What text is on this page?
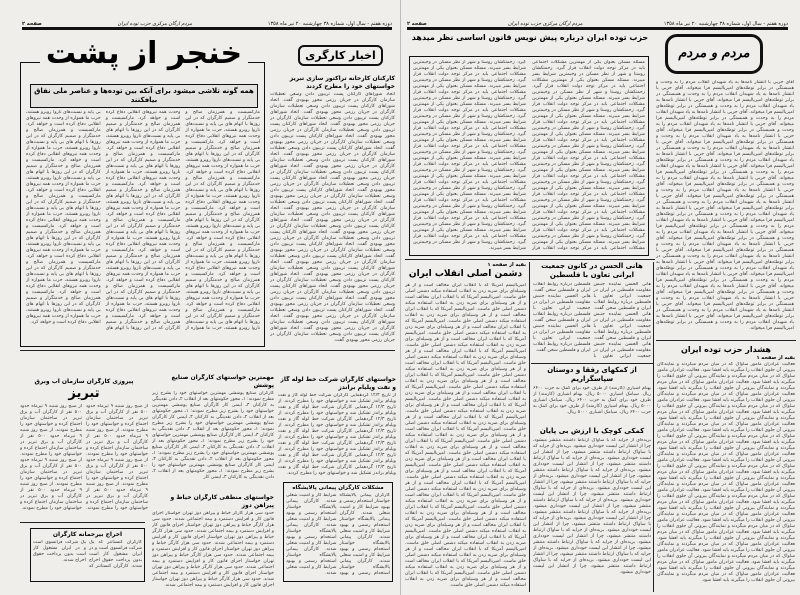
دوره هفتم - سال اول، شماره ۳۸ چهارشنبه ۲۰ تیر ماه ۱۳۵۸
مردم ارگان مرکزی حزب توده ایران
صفحه ۲
خنجر از پشت
همه گونه تلاشی میشود برای آنکه بین توده‌ها و عناصر ملی نفاق بیافکنند
مارکسیست و همرزمان صالح و خدمتگزار و صمیم کارگران که در این روزها با اتهام های بی پایه و نسبت‌های ناروا روبرو هستند، حزب ما همواره از وحدت همه نیروهای انقلابی دفاع کرده است و خواهد کرد. مارکسیست و همرزمان صالح و خدمتگزار و صمیم کارگران که در این روزها با اتهام های بی پایه و نسبت‌های ناروا روبرو هستند، حزب ما همواره از وحدت همه نیروهای انقلابی دفاع کرده است و خواهد کرد. مارکسیست و همرزمان صالح و خدمتگزار و صمیم کارگران که در این روزها با اتهام های بی پایه و نسبت‌های ناروا روبرو هستند، حزب ما همواره از وحدت همه نیروهای انقلابی دفاع کرده است و خواهد کرد. مارکسیست و همرزمان صالح و خدمتگزار و صمیم کارگران که در این روزها با اتهام های بی پایه و نسبت‌های ناروا روبرو هستند، حزب ما همواره از وحدت همه نیروهای انقلابی دفاع کرده است و خواهد کرد. مارکسیست و همرزمان صالح و خدمتگزار و صمیم کارگران که در این روزها با اتهام های بی پایه و نسبت‌های ناروا روبرو هستند، حزب ما همواره از وحدت همه نیروهای انقلابی دفاع کرده است و خواهد کرد. مارکسیست و همرزمان صالح و خدمتگزار و صمیم کارگران که در این روزها با اتهام های بی پایه و نسبت‌های ناروا روبرو هستند، حزب ما همواره از وحدت همه نیروهای انقلابی دفاع کرده است و خواهد کرد. مارکسیست و همرزمان صالح و خدمتگزار و صمیم کارگران که در این روزها با اتهام های بی پایه و نسبت‌های ناروا روبرو هستند، حزب ما همواره از وحدت همه نیروهای انقلابی دفاع کرده است و خواهد کرد. مارکسیست و همرزمان صالح و خدمتگزار و صمیم کارگران که در این روزها با اتهام های بی پایه و نسبت‌های ناروا روبرو هستند، حزب ما همواره از وحدت همه نیروهای انقلابی دفاع کرده است و خواهد کرد. مارکسیست و همرزمان صالح و خدمتگزار و صمیم کارگران که در این روزها با اتهام های بی پایه و نسبت‌های ناروا روبرو هستند، حزب ما همواره از وحدت همه نیروهای انقلابی دفاع کرده است و خواهد کرد. مارکسیست و همرزمان صالح و خدمتگزار و صمیم کارگران که در این روزها با اتهام های بی پایه و نسبت‌های ناروا روبرو هستند، حزب ما همواره از وحدت همه نیروهای انقلابی دفاع کرده است و خواهد کرد. مارکسیست و همرزمان صالح و خدمتگزار و صمیم کارگران که در این روزها با اتهام های بی پایه و نسبت‌های ناروا روبرو هستند، حزب ما همواره از وحدت همه نیروهای انقلابی دفاع کرده است و خواهد کرد. مارکسیست و همرزمان صالح و خدمتگزار و صمیم کارگران که در این روزها با اتهام های بی پایه و نسبت‌های ناروا روبرو هستند، حزب ما همواره از وحدت همه نیروهای انقلابی دفاع کرده است و خواهد کرد. مارکسیست و همرزمان صالح و خدمتگزار و صمیم کارگران که در این روزها با اتهام های بی پایه و نسبت‌های ناروا روبرو هستند، حزب ما همواره از وحدت همه نیروهای انقلابی دفاع کرده است و خواهد کرد. مارکسیست و همرزمان صالح و خدمتگزار و صمیم کارگران که در این روزها با اتهام های بی پایه و نسبت‌های ناروا روبرو هستند، حزب ما همواره از وحدت همه نیروهای انقلابی دفاع کرده است و خواهد کرد. مارکسیست و همرزمان صالح و خدمتگزار و صمیم کارگران که در این روزها با اتهام های بی پایه و نسبت‌های ناروا روبرو هستند، حزب ما همواره از وحدت همه نیروهای انقلابی دفاع کرده است و خواهد کرد. مارکسیست و همرزمان صالح و خدمتگزار و صمیم کارگران که در این روزها با اتهام های بی پایه و نسبت‌های ناروا روبرو هستند، حزب ما همواره از وحدت همه نیروهای انقلابی دفاع کرده است و خواهد کرد. مارکسیست و همرزمان صالح و خدمتگزار و صمیم کارگران که در این روزها با اتهام های بی پایه و نسبت‌های ناروا روبرو هستند، حزب ما همواره از وحدت همه نیروهای انقلابی دفاع کرده است و خواهد کرد. مارکسیست و همرزمان صالح و خدمتگزار و صمیم کارگران که در این روزها با اتهام های بی پایه و نسبت‌های ناروا روبرو هستند، حزب ما همواره از وحدت همه نیروهای انقلابی دفاع کرده است و خواهد کرد. مارکسیست و همرزمان صالح و خدمتگزار و صمیم کارگران که در این روزها با اتهام های بی پایه و نسبت‌های ناروا روبرو هستند، حزب ما همواره از وحدت همه نیروهای انقلابی دفاع کرده است و خواهد کرد. مارکسیست و همرزمان صالح و خدمتگزار و صمیم کارگران که در این روزها با اتهام های بی پایه و نسبت‌های ناروا روبرو هستند، حزب ما همواره از وحدت همه نیروهای انقلابی دفاع کرده است و خواهد کرد.
اخبار کارگری
کارکنان کارخانه تراکتور سازی تبریز خواستهای خود را مطرح کردند
اتحاد شوراهای کارکنان پست تریبون دادن وسعی تعطیلات سازمان کارگران در جریان رزمی محور بهبودی گفت. اتحاد شوراهای کارکنان پست تریبون دادن وسعی تعطیلات سازمان کارگران در جریان رزمی محور بهبودی گفت. اتحاد شوراهای کارکنان پست تریبون دادن وسعی تعطیلات سازمان کارگران در جریان رزمی محور بهبودی گفت. اتحاد شوراهای کارکنان پست تریبون دادن وسعی تعطیلات سازمان کارگران در جریان رزمی محور بهبودی گفت. اتحاد شوراهای کارکنان پست تریبون دادن وسعی تعطیلات سازمان کارگران در جریان رزمی محور بهبودی گفت. اتحاد شوراهای کارکنان پست تریبون دادن وسعی تعطیلات سازمان کارگران در جریان رزمی محور بهبودی گفت. اتحاد شوراهای کارکنان پست تریبون دادن وسعی تعطیلات سازمان کارگران در جریان رزمی محور بهبودی گفت. اتحاد شوراهای کارکنان پست تریبون دادن وسعی تعطیلات سازمان کارگران در جریان رزمی محور بهبودی گفت. اتحاد شوراهای کارکنان پست تریبون دادن وسعی تعطیلات سازمان کارگران در جریان رزمی محور بهبودی گفت. اتحاد شوراهای کارکنان پست تریبون دادن وسعی تعطیلات سازمان کارگران در جریان رزمی محور بهبودی گفت. اتحاد شوراهای کارکنان پست تریبون دادن وسعی تعطیلات سازمان کارگران در جریان رزمی محور بهبودی گفت. اتحاد شوراهای کارکنان پست تریبون دادن وسعی تعطیلات سازمان کارگران در جریان رزمی محور بهبودی گفت. اتحاد شوراهای کارکنان پست تریبون دادن وسعی تعطیلات سازمان کارگران در جریان رزمی محور بهبودی گفت. اتحاد شوراهای کارکنان پست تریبون دادن وسعی تعطیلات سازمان کارگران در جریان رزمی محور بهبودی گفت. اتحاد شوراهای کارکنان پست تریبون دادن وسعی تعطیلات سازمان کارگران در جریان رزمی محور بهبودی گفت. اتحاد شوراهای کارکنان پست تریبون دادن وسعی تعطیلات سازمان کارگران در جریان رزمی محور بهبودی گفت. اتحاد شوراهای کارکنان پست تریبون دادن وسعی تعطیلات سازمان کارگران در جریان رزمی محور بهبودی گفت. اتحاد شوراهای کارکنان پست تریبون دادن وسعی تعطیلات سازمان کارگران در جریان رزمی محور بهبودی گفت. اتحاد شوراهای کارکنان پست تریبون دادن وسعی تعطیلات سازمان کارگران در جریان رزمی محور بهبودی گفت. اتحاد شوراهای کارکنان پست تریبون دادن وسعی تعطیلات سازمان کارگران در جریان رزمی محور بهبودی گفت. اتحاد شوراهای کارکنان پست تریبون دادن وسعی تعطیلات سازمان کارگران در جریان رزمی محور بهبودی گفت. اتحاد شوراهای کارکنان پست تریبون دادن وسعی تعطیلات سازمان کارگران در جریان رزمی محور بهبودی گفت. اتحاد شوراهای کارکنان پست تریبون دادن وسعی تعطیلات سازمان کارگران در جریان رزمی محور بهبودی گفت.
خواستهای کارگران شرکت خط لوله گاز و نفت ویلیام براندز
از تاریخ ۱۲/۳ گردهمایی کارگران شرکت خط لوله گاز و نفت ویلیام براندز تشکیل شد و خواستهای خود را مطرح کردند. از تاریخ ۱۲/۳ گردهمایی کارگران شرکت خط لوله گاز و نفت ویلیام براندز تشکیل شد و خواستهای خود را مطرح کردند. از تاریخ ۱۲/۳ گردهمایی کارگران شرکت خط لوله گاز و نفت ویلیام براندز تشکیل شد و خواستهای خود را مطرح کردند. از تاریخ ۱۲/۳ گردهمایی کارگران شرکت خط لوله گاز و نفت ویلیام براندز تشکیل شد و خواستهای خود را مطرح کردند. از تاریخ ۱۲/۳ گردهمایی کارگران شرکت خط لوله گاز و نفت ویلیام براندز تشکیل شد و خواستهای خود را مطرح کردند. از تاریخ ۱۲/۳ گردهمایی کارگران شرکت خط لوله گاز و نفت ویلیام براندز تشکیل شد و خواستهای خود را مطرح کردند. از تاریخ ۱۲/۳ گردهمایی کارگران شرکت خط لوله گاز و نفت ویلیام براندز تشکیل شد و خواستهای خود را مطرح کردند.
مشکلات کارگران پیمانی پالایشگاه
کارگران پیمانی پالایشگاه خواستار استخدام رسمی و بهبود شرایط کار و امنیت شغلی شدند. کارگران پیمانی پالایشگاه خواستار استخدام رسمی و بهبود شرایط کار و امنیت شغلی شدند. کارگران پیمانی پالایشگاه خواستار استخدام رسمی و بهبود شرایط کار و امنیت شغلی شدند. کارگران پیمانی پالایشگاه خواستار استخدام رسمی و بهبود شرایط کار و امنیت شغلی شدند. کارگران پیمانی پالایشگاه خواستار استخدام رسمی و بهبود شرایط کار و امنیت شغلی شدند. کارگران پیمانی پالایشگاه خواستار استخدام رسمی و بهبود شرایط کار و امنیت شغلی شدند. کارگران پیمانی پالایشگاه خواستار استخدام رسمی و بهبود شرایط کار و امنیت شغلی شدند.
مهمترین خواستهای کارگران صنایع پوشش
کارگران صنایع پوششی مهمترین خواستهای خود را بشرح زیر مطرح نمودند: ۱ـ محور حکومتهای بعد از انقلاب ۲ـ دادن نقدینگی به کارکنان ۳ـ ایمنی کار کارگران صنایع پوششی مهمترین خواستهای خود را بشرح زیر مطرح نمودند: ۱ـ محور حکومتهای بعد از انقلاب ۲ـ دادن نقدینگی به کارکنان ۳ـ ایمنی کار کارگران صنایع پوششی مهمترین خواستهای خود را بشرح زیر مطرح نمودند: ۱ـ محور حکومتهای بعد از انقلاب ۲ـ دادن نقدینگی به کارکنان ۳ـ ایمنی کار کارگران صنایع پوششی مهمترین خواستهای خود را بشرح زیر مطرح نمودند: ۱ـ محور حکومتهای بعد از انقلاب ۲ـ دادن نقدینگی به کارکنان ۳ـ ایمنی کار کارگران صنایع پوششی مهمترین خواستهای خود را بشرح زیر مطرح نمودند: ۱ـ محور حکومتهای بعد از انقلاب ۲ـ دادن نقدینگی به کارکنان ۳ـ ایمنی کار کارگران صنایع پوششی مهمترین خواستهای خود را بشرح زیر مطرح نمودند: ۱ـ محور حکومتهای بعد از انقلاب ۲ـ دادن نقدینگی به کارکنان ۳ـ ایمنی کار
خواستهای منطقی کارگران خیاط و پیراهن دوز
حدود سی هزار کارگر خیاط و پیراهن دوز تهران خواستار اجرای قانون کار و افزایش دستمزد و بیمه اجتماعی شدند. حدود سی هزار کارگر خیاط و پیراهن دوز تهران خواستار اجرای قانون کار و افزایش دستمزد و بیمه اجتماعی شدند. حدود سی هزار کارگر خیاط و پیراهن دوز تهران خواستار اجرای قانون کار و افزایش دستمزد و بیمه اجتماعی شدند. حدود سی هزار کارگر خیاط و پیراهن دوز تهران خواستار اجرای قانون کار و افزایش دستمزد و بیمه اجتماعی شدند. حدود سی هزار کارگر خیاط و پیراهن دوز تهران خواستار اجرای قانون کار و افزایش دستمزد و بیمه اجتماعی شدند. حدود سی هزار کارگر خیاط و پیراهن دوز تهران خواستار اجرای قانون کار و افزایش دستمزد و بیمه اجتماعی شدند. حدود سی هزار کارگر خیاط و پیراهن دوز تهران خواستار اجرای قانون کار و افزایش دستمزد و بیمه اجتماعی شدند.
پیروزی کارگران سازمان آب وبرق
تبریز
از صبح روز شنبه ۹ تیرماه حدود ۵۰۰ نفر از کارگران آب و برق تبریز در ساختمان سازمان اجتماع کرده و خواستهای خود را مطرح نمودند. از صبح روز شنبه ۹ تیرماه حدود ۵۰۰ نفر از کارگران آب و برق تبریز در ساختمان سازمان اجتماع کرده و خواستهای خود را مطرح نمودند. از صبح روز شنبه ۹ تیرماه حدود ۵۰۰ نفر از کارگران آب و برق تبریز در ساختمان سازمان اجتماع کرده و خواستهای خود را مطرح نمودند. از صبح روز شنبه ۹ تیرماه حدود ۵۰۰ نفر از کارگران آب و برق تبریز در ساختمان سازمان اجتماع کرده و خواستهای خود را مطرح نمودند. از صبح روز شنبه ۹ تیرماه حدود ۵۰۰ نفر از کارگران آب و برق تبریز در ساختمان سازمان اجتماع کرده و خواستهای خود را مطرح نمودند. از صبح روز شنبه ۹ تیرماه حدود ۵۰۰ نفر از کارگران آب و برق تبریز در ساختمان سازمان اجتماع کرده و خواستهای خود را مطرح نمودند. از صبح روز شنبه ۹ تیرماه حدود ۵۰۰ نفر از کارگران آب و برق تبریز در ساختمان سازمان اجتماع کرده و خواستهای خود را مطرح نمودند. از صبح روز شنبه ۹ تیرماه حدود ۵۰۰ نفر از کارگران آب و برق تبریز در ساختمان سازمان اجتماع کرده و خواستهای خود را مطرح نمودند.
اخراج بیرحمانه کارگران
کارگران کنستانتر که یک شرکت فرانسوی است و در ایران مشغول کار است بدون پرداخت حقوق اخراج شدند. کارگران کنستانتر که یک شرکت فرانسوی است و در ایران مشغول کار است بدون پرداخت حقوق اخراج شدند.
دوره هفتم - سال اول، شماره ۳۸ چهارشنبه ۲۰ تیر ماه ۱۳۵۸
مردم ارگان مرکزی حزب توده ایران
صفحه ۲
مردم و مردم
آقای حزبی با انتشار نامه‌ها به یاد شهیدان انقلاب مردم را به وحدت و همبستگی در برابر توطئه‌های امپریالیسم فرا میخواند. آقای حزبی با انتشار نامه‌ها به یاد شهیدان انقلاب مردم را به وحدت و همبستگی در برابر توطئه‌های امپریالیسم فرا میخواند. آقای حزبی با انتشار نامه‌ها به یاد شهیدان انقلاب مردم را به وحدت و همبستگی در برابر توطئه‌های امپریالیسم فرا میخواند. آقای حزبی با انتشار نامه‌ها به یاد شهیدان انقلاب مردم را به وحدت و همبستگی در برابر توطئه‌های امپریالیسم فرا میخواند. آقای حزبی با انتشار نامه‌ها به یاد شهیدان انقلاب مردم را به وحدت و همبستگی در برابر توطئه‌های امپریالیسم فرا میخواند. آقای حزبی با انتشار نامه‌ها به یاد شهیدان انقلاب مردم را به وحدت و همبستگی در برابر توطئه‌های امپریالیسم فرا میخواند. آقای حزبی با انتشار نامه‌ها به یاد شهیدان انقلاب مردم را به وحدت و همبستگی در برابر توطئه‌های امپریالیسم فرا میخواند. آقای حزبی با انتشار نامه‌ها به یاد شهیدان انقلاب مردم را به وحدت و همبستگی در برابر توطئه‌های امپریالیسم فرا میخواند. آقای حزبی با انتشار نامه‌ها به یاد شهیدان انقلاب مردم را به وحدت و همبستگی در برابر توطئه‌های امپریالیسم فرا میخواند. آقای حزبی با انتشار نامه‌ها به یاد شهیدان انقلاب مردم را به وحدت و همبستگی در برابر توطئه‌های امپریالیسم فرا میخواند. آقای حزبی با انتشار نامه‌ها به یاد شهیدان انقلاب مردم را به وحدت و همبستگی در برابر توطئه‌های امپریالیسم فرا میخواند. آقای حزبی با انتشار نامه‌ها به یاد شهیدان انقلاب مردم را به وحدت و همبستگی در برابر توطئه‌های امپریالیسم فرا میخواند. آقای حزبی با انتشار نامه‌ها به یاد شهیدان انقلاب مردم را به وحدت و همبستگی در برابر توطئه‌های امپریالیسم فرا میخواند. آقای حزبی با انتشار نامه‌ها به یاد شهیدان انقلاب مردم را به وحدت و همبستگی در برابر توطئه‌های امپریالیسم فرا میخواند. آقای حزبی با انتشار نامه‌ها به یاد شهیدان انقلاب مردم را به وحدت و همبستگی در برابر توطئه‌های امپریالیسم فرا میخواند. آقای حزبی با انتشار نامه‌ها به یاد شهیدان انقلاب مردم را به وحدت و همبستگی در برابر توطئه‌های امپریالیسم فرا میخواند. آقای حزبی با انتشار نامه‌ها به یاد شهیدان انقلاب مردم را به وحدت و همبستگی در برابر توطئه‌های امپریالیسم فرا میخواند. آقای حزبی با انتشار نامه‌ها به یاد شهیدان انقلاب مردم را به وحدت و همبستگی در برابر توطئه‌های امپریالیسم فرا میخواند. آقای حزبی با انتشار نامه‌ها به یاد شهیدان انقلاب مردم را به وحدت و همبستگی در برابر توطئه‌های امپریالیسم فرا میخواند. آقای حزبی با انتشار نامه‌ها به یاد شهیدان انقلاب مردم را به وحدت و همبستگی در برابر توطئه‌های امپریالیسم فرا میخواند. آقای حزبی با انتشار نامه‌ها به یاد شهیدان انقلاب مردم را به وحدت و همبستگی در برابر توطئه‌های امپریالیسم فرا میخواند. آقای حزبی با انتشار نامه‌ها به یاد شهیدان انقلاب مردم را به وحدت و همبستگی در برابر توطئه‌های امپریالیسم فرا میخواند. آقای حزبی با انتشار نامه‌ها به یاد شهیدان انقلاب مردم را به وحدت و همبستگی در برابر توطئه‌های امپریالیسم فرا میخواند.
حزب توده ایران درباره پیش نویس قانون اساسی نظر میدهد
مسئله مسکن بعنوان یکی از مهمترین مشکلات اجتماعی باید در مرکز توجه دولت انقلاب قرار گیرد. زحمتکشان روستا و شهر از نظر مسکن در وخیمترین شرایط بسر میبرند. مسئله مسکن بعنوان یکی از مهمترین مشکلات اجتماعی باید در مرکز توجه دولت انقلاب قرار گیرد. زحمتکشان روستا و شهر از نظر مسکن در وخیمترین شرایط بسر میبرند. مسئله مسکن بعنوان یکی از مهمترین مشکلات اجتماعی باید در مرکز توجه دولت انقلاب قرار گیرد. زحمتکشان روستا و شهر از نظر مسکن در وخیمترین شرایط بسر میبرند. مسئله مسکن بعنوان یکی از مهمترین مشکلات اجتماعی باید در مرکز توجه دولت انقلاب قرار گیرد. زحمتکشان روستا و شهر از نظر مسکن در وخیمترین شرایط بسر میبرند. مسئله مسکن بعنوان یکی از مهمترین مشکلات اجتماعی باید در مرکز توجه دولت انقلاب قرار گیرد. زحمتکشان روستا و شهر از نظر مسکن در وخیمترین شرایط بسر میبرند. مسئله مسکن بعنوان یکی از مهمترین مشکلات اجتماعی باید در مرکز توجه دولت انقلاب قرار گیرد. زحمتکشان روستا و شهر از نظر مسکن در وخیمترین شرایط بسر میبرند. مسئله مسکن بعنوان یکی از مهمترین مشکلات اجتماعی باید در مرکز توجه دولت انقلاب قرار گیرد. زحمتکشان روستا و شهر از نظر مسکن در وخیمترین شرایط بسر میبرند. مسئله مسکن بعنوان یکی از مهمترین مشکلات اجتماعی باید در مرکز توجه دولت انقلاب قرار گیرد. زحمتکشان روستا و شهر از نظر مسکن در وخیمترین شرایط بسر میبرند. مسئله مسکن بعنوان یکی از مهمترین مشکلات اجتماعی باید در مرکز توجه دولت انقلاب قرار گیرد. زحمتکشان روستا و شهر از نظر مسکن در وخیمترین شرایط بسر میبرند. مسئله مسکن بعنوان یکی از مهمترین مشکلات اجتماعی باید در مرکز توجه دولت انقلاب قرار گیرد. زحمتکشان روستا و شهر از نظر مسکن در وخیمترین شرایط بسر میبرند. مسئله مسکن بعنوان یکی از مهمترین مشکلات اجتماعی باید در مرکز توجه دولت انقلاب قرار گیرد. زحمتکشان روستا و شهر از نظر مسکن در وخیمترین شرایط بسر میبرند. مسئله مسکن بعنوان یکی از مهمترین مشکلات اجتماعی باید در مرکز توجه دولت انقلاب قرار گیرد. زحمتکشان روستا و شهر از نظر مسکن در وخیمترین شرایط بسر میبرند. مسئله مسکن بعنوان یکی از مهمترین مشکلات اجتماعی باید در مرکز توجه دولت انقلاب قرار گیرد. زحمتکشان روستا و شهر از نظر مسکن در وخیمترین شرایط بسر میبرند. مسئله مسکن بعنوان یکی از مهمترین مشکلات اجتماعی باید در مرکز توجه دولت انقلاب قرار گیرد. زحمتکشان روستا و شهر از نظر مسکن در وخیمترین شرایط بسر میبرند. مسئله مسکن بعنوان یکی از مهمترین مشکلات اجتماعی باید در مرکز توجه دولت انقلاب قرار گیرد. زحمتکشان روستا و شهر از نظر مسکن در وخیمترین شرایط بسر میبرند. مسئله مسکن بعنوان یکی از مهمترین مشکلات اجتماعی باید در مرکز توجه دولت انقلاب قرار گیرد. زحمتکشان روستا و شهر از نظر مسکن در وخیمترین شرایط بسر میبرند. مسئله مسکن بعنوان یکی از مهمترین مشکلات اجتماعی باید در مرکز توجه دولت انقلاب قرار گیرد. زحمتکشان روستا و شهر از نظر مسکن در وخیمترین شرایط بسر میبرند. مسئله مسکن بعنوان یکی از مهمترین مشکلات اجتماعی باید در مرکز توجه دولت انقلاب قرار گیرد. زحمتکشان روستا و شهر از نظر مسکن در وخیمترین شرایط بسر میبرند. مسئله مسکن بعنوان یکی از مهمترین مشکلات اجتماعی باید در مرکز توجه دولت انقلاب قرار گیرد. زحمتکشان روستا و شهر از نظر مسکن در وخیمترین شرایط بسر میبرند. مسئله مسکن بعنوان یکی از مهمترین مشکلات اجتماعی باید در مرکز توجه دولت انقلاب قرار گیرد. زحمتکشان روستا و شهر از نظر مسکن در وخیمترین شرایط بسر میبرند. مسئله مسکن بعنوان یکی از مهمترین مشکلات اجتماعی باید در مرکز توجه دولت انقلاب قرار گیرد. زحمتکشان روستا و شهر از نظر مسکن در وخیمترین شرایط بسر میبرند.
بقیه از صفحه ۱
دشمن اصلی انقلاب ایران
امپریالیسم آمریکا که با انقلاب ایران مخالف است و از هر وسیله‌ای برای ضربه زدن به انقلاب استفاده میکند دشمن اصلی خلق ماست. امپریالیسم آمریکا که با انقلاب ایران مخالف است و از هر وسیله‌ای برای ضربه زدن به انقلاب استفاده میکند دشمن اصلی خلق ماست. امپریالیسم آمریکا که با انقلاب ایران مخالف است و از هر وسیله‌ای برای ضربه زدن به انقلاب استفاده میکند دشمن اصلی خلق ماست. امپریالیسم آمریکا که با انقلاب ایران مخالف است و از هر وسیله‌ای برای ضربه زدن به انقلاب استفاده میکند دشمن اصلی خلق ماست. امپریالیسم آمریکا که با انقلاب ایران مخالف است و از هر وسیله‌ای برای ضربه زدن به انقلاب استفاده میکند دشمن اصلی خلق ماست. امپریالیسم آمریکا که با انقلاب ایران مخالف است و از هر وسیله‌ای برای ضربه زدن به انقلاب استفاده میکند دشمن اصلی خلق ماست. امپریالیسم آمریکا که با انقلاب ایران مخالف است و از هر وسیله‌ای برای ضربه زدن به انقلاب استفاده میکند دشمن اصلی خلق ماست. امپریالیسم آمریکا که با انقلاب ایران مخالف است و از هر وسیله‌ای برای ضربه زدن به انقلاب استفاده میکند دشمن اصلی خلق ماست. امپریالیسم آمریکا که با انقلاب ایران مخالف است و از هر وسیله‌ای برای ضربه زدن به انقلاب استفاده میکند دشمن اصلی خلق ماست. امپریالیسم آمریکا که با انقلاب ایران مخالف است و از هر وسیله‌ای برای ضربه زدن به انقلاب استفاده میکند دشمن اصلی خلق ماست. امپریالیسم آمریکا که با انقلاب ایران مخالف است و از هر وسیله‌ای برای ضربه زدن به انقلاب استفاده میکند دشمن اصلی خلق ماست. امپریالیسم آمریکا که با انقلاب ایران مخالف است و از هر وسیله‌ای برای ضربه زدن به انقلاب استفاده میکند دشمن اصلی خلق ماست. امپریالیسم آمریکا که با انقلاب ایران مخالف است و از هر وسیله‌ای برای ضربه زدن به انقلاب استفاده میکند دشمن اصلی خلق ماست. امپریالیسم آمریکا که با انقلاب ایران مخالف است و از هر وسیله‌ای برای ضربه زدن به انقلاب استفاده میکند دشمن اصلی خلق ماست. امپریالیسم آمریکا که با انقلاب ایران مخالف است و از هر وسیله‌ای برای ضربه زدن به انقلاب استفاده میکند دشمن اصلی خلق ماست. امپریالیسم آمریکا که با انقلاب ایران مخالف است و از هر وسیله‌ای برای ضربه زدن به انقلاب استفاده میکند دشمن اصلی خلق ماست. امپریالیسم آمریکا که با انقلاب ایران مخالف است و از هر وسیله‌ای برای ضربه زدن به انقلاب استفاده میکند دشمن اصلی خلق ماست. امپریالیسم آمریکا که با انقلاب ایران مخالف است و از هر وسیله‌ای برای ضربه زدن به انقلاب استفاده میکند دشمن اصلی خلق ماست. امپریالیسم آمریکا که با انقلاب ایران مخالف است و از هر وسیله‌ای برای ضربه زدن به انقلاب استفاده میکند دشمن اصلی خلق ماست. امپریالیسم آمریکا که با انقلاب ایران مخالف است و از هر وسیله‌ای برای ضربه زدن به انقلاب استفاده میکند دشمن اصلی خلق ماست. امپریالیسم آمریکا که با انقلاب ایران مخالف است و از هر وسیله‌ای برای ضربه زدن به انقلاب استفاده میکند دشمن اصلی خلق ماست. امپریالیسم آمریکا که با انقلاب ایران مخالف است و از هر وسیله‌ای برای ضربه زدن به انقلاب استفاده میکند دشمن اصلی خلق ماست. امپریالیسم آمریکا که با انقلاب ایران مخالف است و از هر وسیله‌ای برای ضربه زدن به انقلاب استفاده میکند دشمن اصلی خلق ماست.
هانی الحسن در کانون جمعیت ایرانی تعاون با فلسطین
هانی الحسن نماینده جنبش مقاومت فلسطین در ایران در جمعیت ایرانی تعاون با فلسطین درباره روابط انقلاب ایران و فلسطین سخن گفت. هانی الحسن نماینده جنبش مقاومت فلسطین در ایران در جمعیت ایرانی تعاون با فلسطین درباره روابط انقلاب ایران و فلسطین سخن گفت. هانی الحسن نماینده جنبش مقاومت فلسطین در ایران در جمعیت ایرانی تعاون با فلسطین درباره روابط انقلاب ایران و فلسطین سخن گفت. هانی الحسن نماینده جنبش مقاومت فلسطین در ایران در جمعیت ایرانی تعاون با فلسطین درباره روابط انقلاب ایران و فلسطین سخن گفت. هانی الحسن نماینده جنبش مقاومت فلسطین در ایران در جمعیت ایرانی تعاون با فلسطین درباره روابط انقلاب ایران و فلسطین سخن گفت.
از کمکهای رفقا و دوستان سپاسگزاریم
بهنام اشیاری (کارمند) از طرف خود برای کمک به حزب ۶۴۰۰ ریال. سیامک اشیاری ۵۰۰۰ ریال. بهنام اشیاری (کارمند) از طرف خود برای کمک به حزب ۶۴۰۰ ریال. سیامک اشیاری ۵۰۰۰ ریال. بهنام اشیاری (کارمند) از طرف خود برای کمک به حزب ۶۴۰۰ ریال. سیامک اشیاری ۵۰۰۰ ریال.
کمکی کوچک با ارزش بی پایان
بریده‌ای از جراید که با ساواک ارتباط داشتند منتشر میشود، چرا از انتشار این لیست خودداری میشود. بریده‌ای از جراید که با ساواک ارتباط داشتند منتشر میشود، چرا از انتشار این لیست خودداری میشود. بریده‌ای از جراید که با ساواک ارتباط داشتند منتشر میشود، چرا از انتشار این لیست خودداری میشود. بریده‌ای از جراید که با ساواک ارتباط داشتند منتشر میشود، چرا از انتشار این لیست خودداری میشود. بریده‌ای از جراید که با ساواک ارتباط داشتند منتشر میشود، چرا از انتشار این لیست خودداری میشود. بریده‌ای از جراید که با ساواک ارتباط داشتند منتشر میشود، چرا از انتشار این لیست خودداری میشود. بریده‌ای از جراید که با ساواک ارتباط داشتند منتشر میشود، چرا از انتشار این لیست خودداری میشود. بریده‌ای از جراید که با ساواک ارتباط داشتند منتشر میشود، چرا از انتشار این لیست خودداری میشود. بریده‌ای از جراید که با ساواک ارتباط داشتند منتشر میشود، چرا از انتشار این لیست خودداری میشود. بریده‌ای از جراید که با ساواک ارتباط داشتند منتشر میشود، چرا از انتشار این لیست خودداری میشود. بریده‌ای از جراید که با ساواک ارتباط داشتند منتشر میشود، چرا از انتشار این لیست خودداری میشود. بریده‌ای از جراید که با ساواک ارتباط داشتند منتشر میشود، چرا از انتشار این لیست خودداری میشود. بریده‌ای از جراید که با ساواک ارتباط داشتند منتشر میشود، چرا از انتشار این لیست خودداری میشود.
هشدار حزب توده ایران
بقیه از صفحه ۱
فعالیت عزادران مامور ساواک که در میان مردم میگردند و نمایندگان بیرونی آن جلوی انقلاب را میگیرند باید افشا شود. فعالیت عزادران مامور ساواک که در میان مردم میگردند و نمایندگان بیرونی آن جلوی انقلاب را میگیرند باید افشا شود. فعالیت عزادران مامور ساواک که در میان مردم میگردند و نمایندگان بیرونی آن جلوی انقلاب را میگیرند باید افشا شود. فعالیت عزادران مامور ساواک که در میان مردم میگردند و نمایندگان بیرونی آن جلوی انقلاب را میگیرند باید افشا شود. فعالیت عزادران مامور ساواک که در میان مردم میگردند و نمایندگان بیرونی آن جلوی انقلاب را میگیرند باید افشا شود. فعالیت عزادران مامور ساواک که در میان مردم میگردند و نمایندگان بیرونی آن جلوی انقلاب را میگیرند باید افشا شود. فعالیت عزادران مامور ساواک که در میان مردم میگردند و نمایندگان بیرونی آن جلوی انقلاب را میگیرند باید افشا شود. فعالیت عزادران مامور ساواک که در میان مردم میگردند و نمایندگان بیرونی آن جلوی انقلاب را میگیرند باید افشا شود. فعالیت عزادران مامور ساواک که در میان مردم میگردند و نمایندگان بیرونی آن جلوی انقلاب را میگیرند باید افشا شود. فعالیت عزادران مامور ساواک که در میان مردم میگردند و نمایندگان بیرونی آن جلوی انقلاب را میگیرند باید افشا شود. فعالیت عزادران مامور ساواک که در میان مردم میگردند و نمایندگان بیرونی آن جلوی انقلاب را میگیرند باید افشا شود. فعالیت عزادران مامور ساواک که در میان مردم میگردند و نمایندگان بیرونی آن جلوی انقلاب را میگیرند باید افشا شود. فعالیت عزادران مامور ساواک که در میان مردم میگردند و نمایندگان بیرونی آن جلوی انقلاب را میگیرند باید افشا شود. فعالیت عزادران مامور ساواک که در میان مردم میگردند و نمایندگان بیرونی آن جلوی انقلاب را میگیرند باید افشا شود. فعالیت عزادران مامور ساواک که در میان مردم میگردند و نمایندگان بیرونی آن جلوی انقلاب را میگیرند باید افشا شود. فعالیت عزادران مامور ساواک که در میان مردم میگردند و نمایندگان بیرونی آن جلوی انقلاب را میگیرند باید افشا شود. فعالیت عزادران مامور ساواک که در میان مردم میگردند و نمایندگان بیرونی آن جلوی انقلاب را میگیرند باید افشا شود. فعالیت عزادران مامور ساواک که در میان مردم میگردند و نمایندگان بیرونی آن جلوی انقلاب را میگیرند باید افشا شود. فعالیت عزادران مامور ساواک که در میان مردم میگردند و نمایندگان بیرونی آن جلوی انقلاب را میگیرند باید افشا شود. فعالیت عزادران مامور ساواک که در میان مردم میگردند و نمایندگان بیرونی آن جلوی انقلاب را میگیرند باید افشا شود. فعالیت عزادران مامور ساواک که در میان مردم میگردند و نمایندگان بیرونی آن جلوی انقلاب را میگیرند باید افشا شود. فعالیت عزادران مامور ساواک که در میان مردم میگردند و نمایندگان بیرونی آن جلوی انقلاب را میگیرند باید افشا شود.
